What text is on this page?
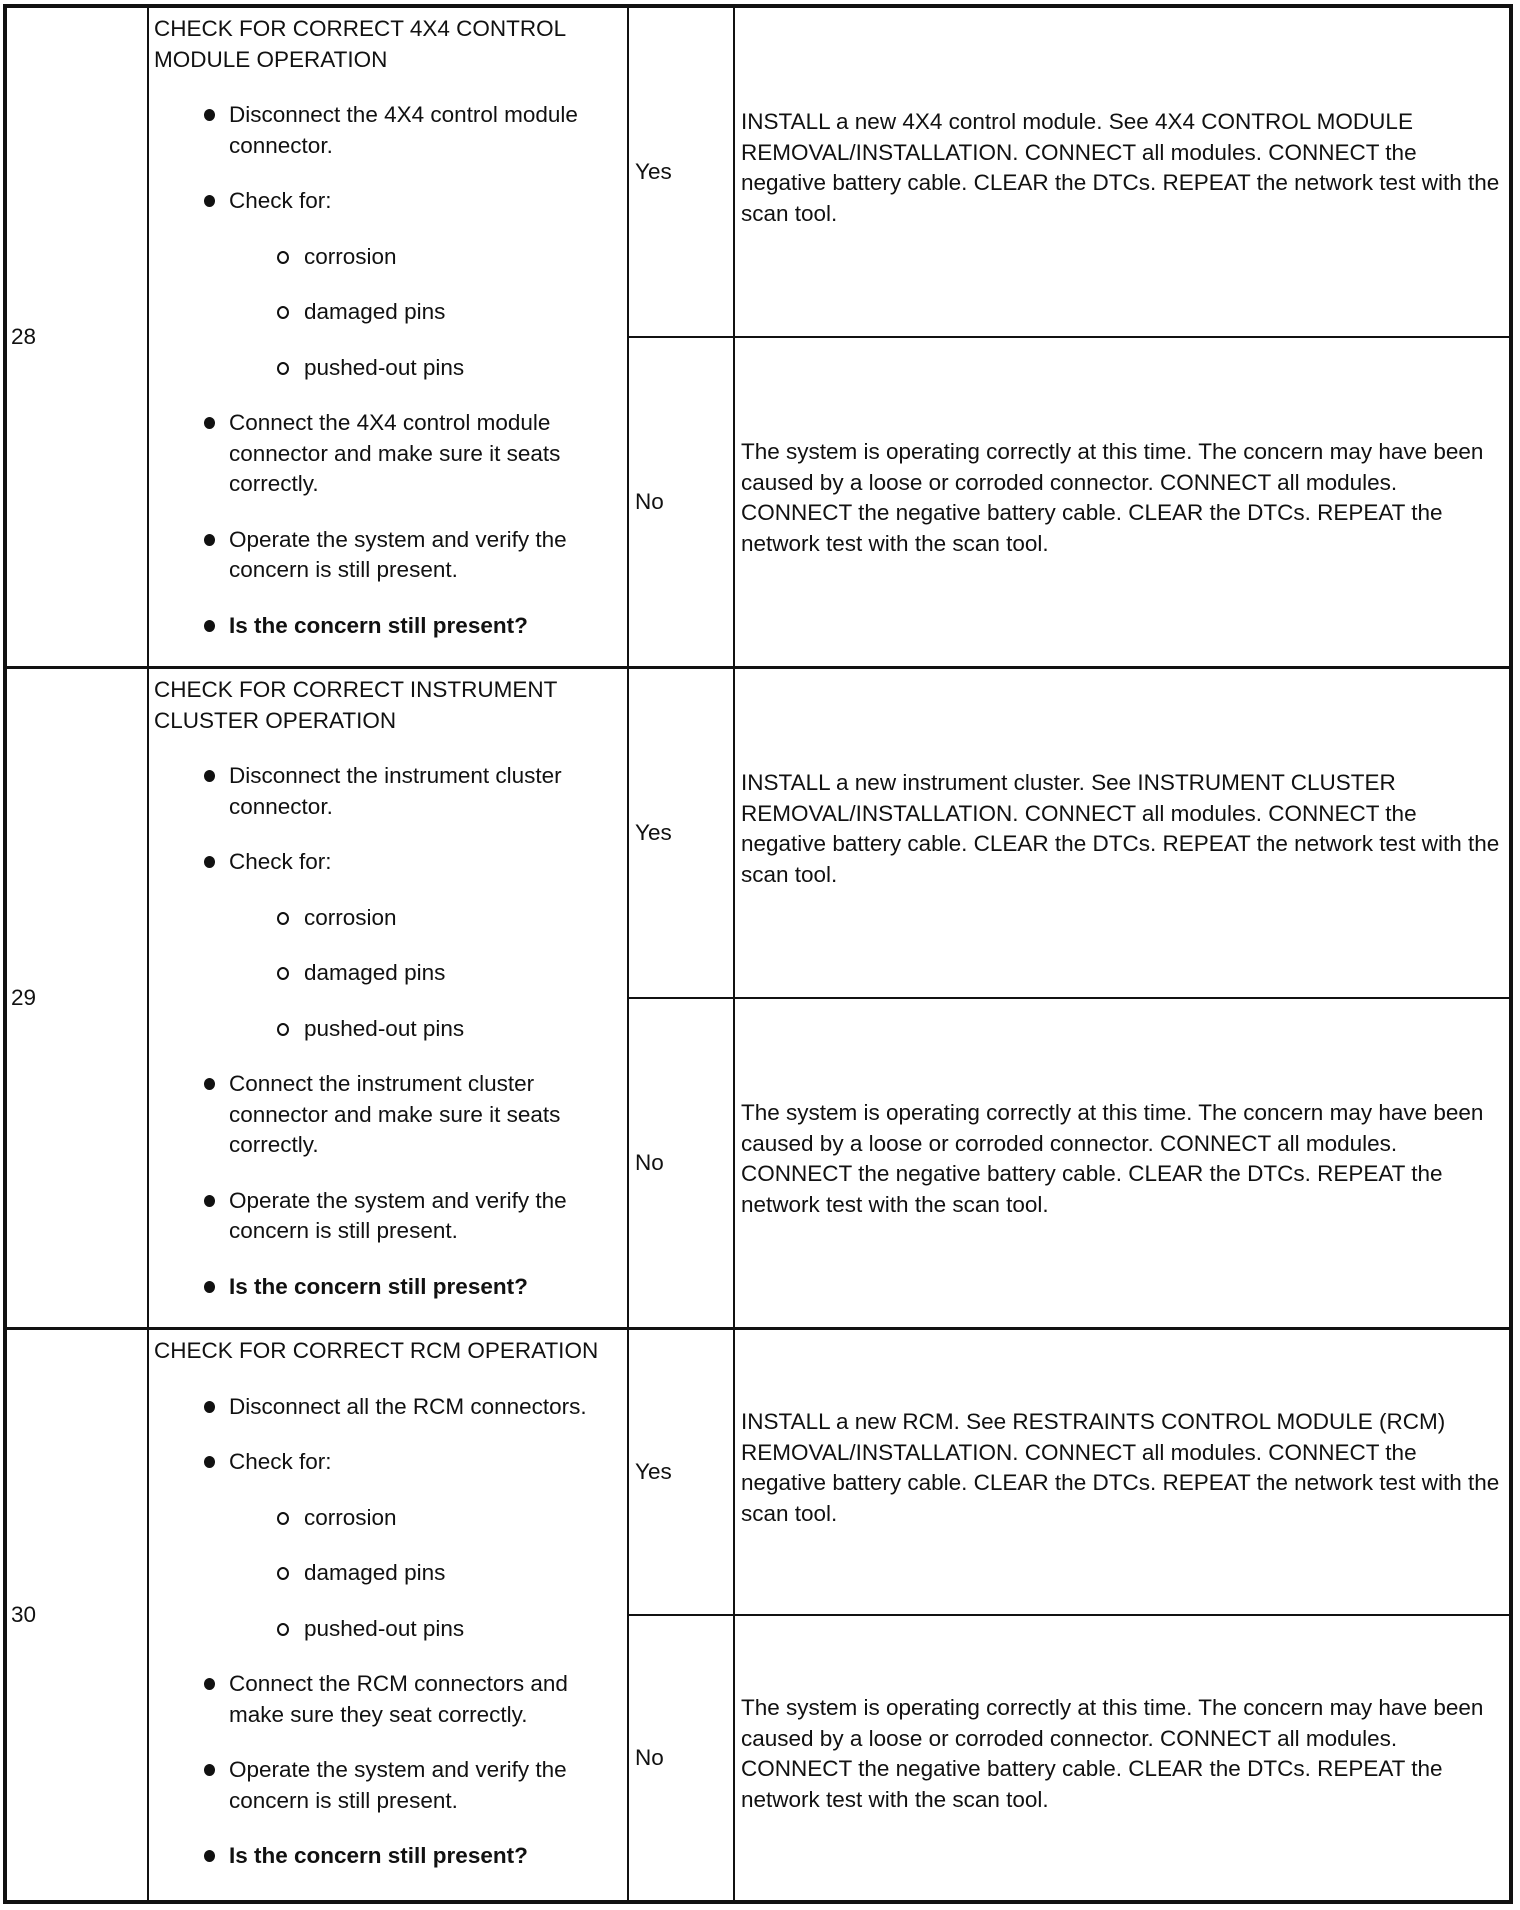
28
CHECK FOR CORRECT 4X4 CONTROL MODULE OPERATION
Disconnect the 4X4 control module connector.
Check for:
corrosion
damaged pins
pushed-out pins
Connect the 4X4 control module connector and make sure it seats correctly.
Operate the system and verify the concern is still present.
Is the concern still present?
Yes
INSTALL a new 4X4 control module. See 4X4 CONTROL MODULE REMOVAL/INSTALLATION. CONNECT all modules. CONNECT the negative battery cable. CLEAR the DTCs. REPEAT the network test with the scan tool.
No
The system is operating correctly at this time. The concern may have been caused by a loose or corroded connector. CONNECT all modules. CONNECT the negative battery cable. CLEAR the DTCs. REPEAT the network test with the scan tool.
29
CHECK FOR CORRECT INSTRUMENT CLUSTER OPERATION
Disconnect the instrument cluster connector.
Check for:
corrosion
damaged pins
pushed-out pins
Connect the instrument cluster connector and make sure it seats correctly.
Operate the system and verify the concern is still present.
Is the concern still present?
Yes
INSTALL a new instrument cluster. See INSTRUMENT CLUSTER REMOVAL/INSTALLATION. CONNECT all modules. CONNECT the negative battery cable. CLEAR the DTCs. REPEAT the network test with the scan tool.
No
The system is operating correctly at this time. The concern may have been caused by a loose or corroded connector. CONNECT all modules. CONNECT the negative battery cable. CLEAR the DTCs. REPEAT the network test with the scan tool.
30
CHECK FOR CORRECT RCM OPERATION
Disconnect all the RCM connectors.
Check for:
corrosion
damaged pins
pushed-out pins
Connect the RCM connectors and make sure they seat correctly.
Operate the system and verify the concern is still present.
Is the concern still present?
Yes
INSTALL a new RCM. See RESTRAINTS CONTROL MODULE (RCM) REMOVAL/INSTALLATION. CONNECT all modules. CONNECT the negative battery cable. CLEAR the DTCs. REPEAT the network test with the scan tool.
No
The system is operating correctly at this time. The concern may have been caused by a loose or corroded connector. CONNECT all modules. CONNECT the negative battery cable. CLEAR the DTCs. REPEAT the network test with the scan tool.
